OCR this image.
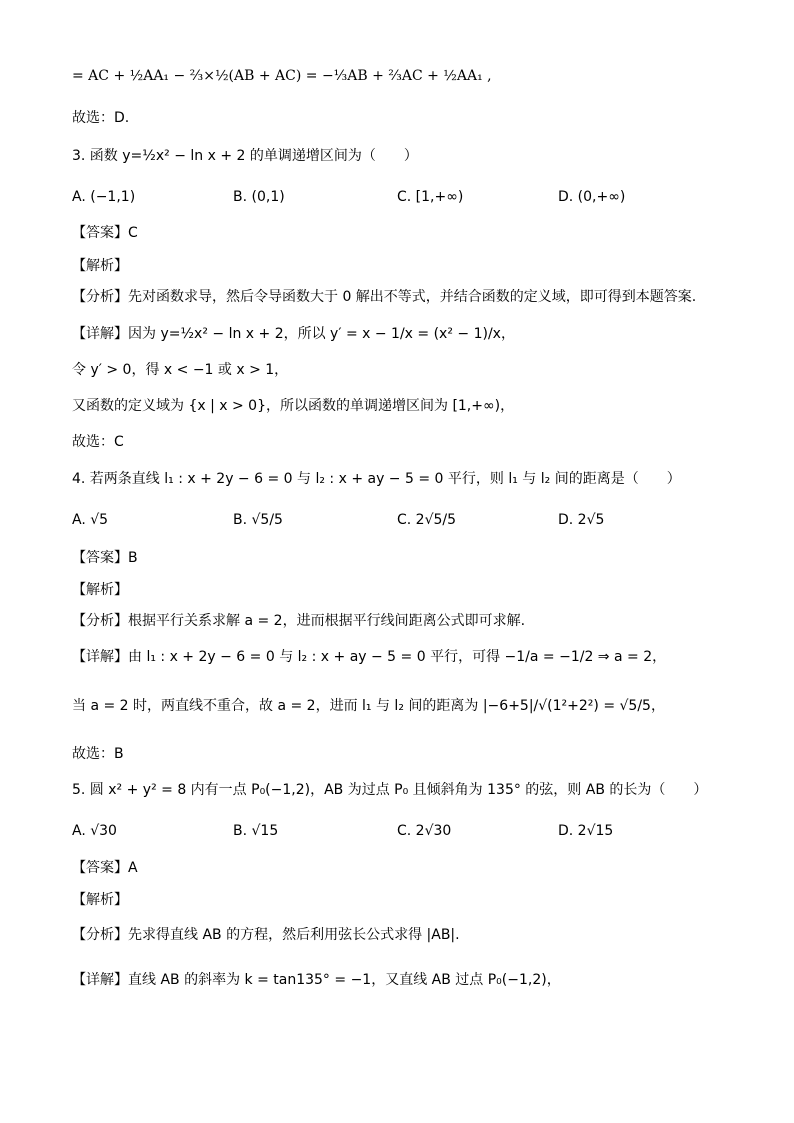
= AC + ½AA₁ − ⅔×½(AB + AC) = −⅓AB + ⅔AC + ½AA₁ ,
故选：D.
3. 函数 y=½x² − ln x + 2 的单调递增区间为（　　）
A. (−1,1)	B. (0,1)	C. [1,+∞)	D. (0,+∞)
【答案】C
【解析】
【分析】先对函数求导，然后令导函数大于 0 解出不等式，并结合函数的定义域，即可得到本题答案.
【详解】因为 y=½x² − ln x + 2，所以 y′ = x − 1/x = (x² − 1)/x，
令 y′ > 0，得 x < −1 或 x > 1，
又函数的定义域为 {x | x > 0}，所以函数的单调递增区间为 [1,+∞)，
故选：C
4. 若两条直线 l₁ : x + 2y − 6 = 0 与 l₂ : x + ay − 5 = 0 平行，则 l₁ 与 l₂ 间的距离是（　　）
A. √5	B. √5/5	C. 2√5/5	D. 2√5
【答案】B
【解析】
【分析】根据平行关系求解 a = 2，进而根据平行线间距离公式即可求解.
【详解】由 l₁ : x + 2y − 6 = 0 与 l₂ : x + ay − 5 = 0 平行，可得 −1/a = −1/2 ⇒ a = 2，
当 a = 2 时，两直线不重合，故 a = 2，进而 l₁ 与 l₂ 间的距离为 |−6+5|/√(1²+2²) = √5/5，
故选：B
5. 圆 x² + y² = 8 内有一点 P₀(−1,2)，AB 为过点 P₀ 且倾斜角为 135° 的弦，则 AB 的长为（　　）
A. √30	B. √15	C. 2√30	D. 2√15
【答案】A
【解析】
【分析】先求得直线 AB 的方程，然后利用弦长公式求得 |AB|.
【详解】直线 AB 的斜率为 k = tan135° = −1，又直线 AB 过点 P₀(−1,2)，
